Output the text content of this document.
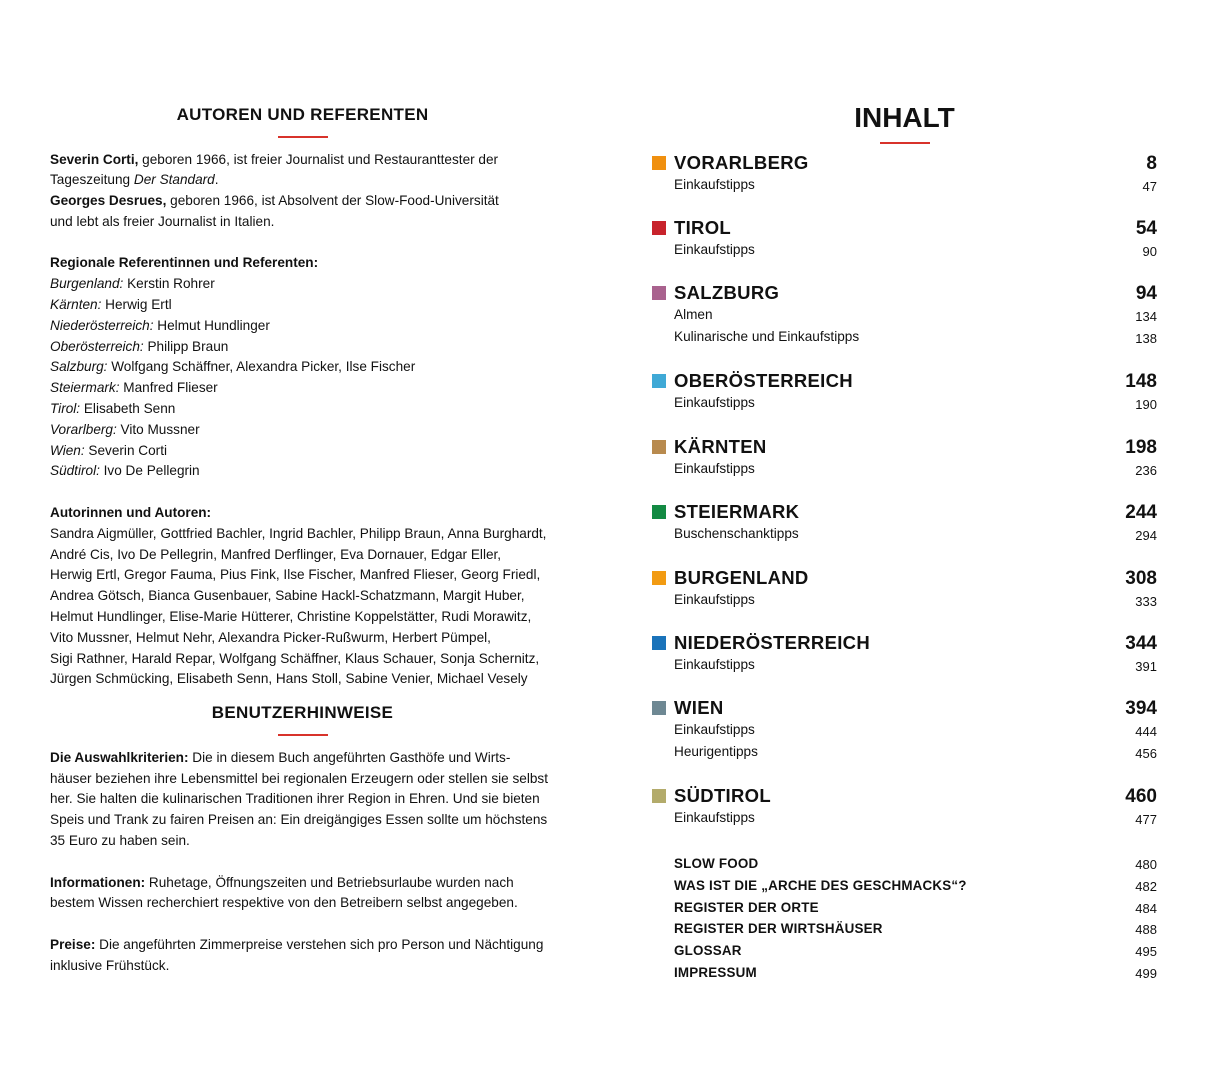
AUTOREN UND REFERENTEN

Severin Corti, geboren 1966, ist freier Journalist und Restauranttester der

Tageszeitung Der Standard.

Georges Desrues, geboren 1966, ist Absolvent der Slow-Food-Universität

und lebt als freier Journalist in Italien.

Regionale Referentinnen und Referenten:

Burgenland: Kerstin Rohrer

Kärnten: Herwig Ertl

Niederösterreich: Helmut Hundlinger

Oberösterreich: Philipp Braun

Salzburg: Wolfgang Schäffner, Alexandra Picker, Ilse Fischer

Steiermark: Manfred Flieser

Tirol: Elisabeth Senn

Vorarlberg: Vito Mussner

Wien: Severin Corti

Südtirol: Ivo De Pellegrin

Autorinnen und Autoren:

Sandra Aigmüller, Gottfried Bachler, Ingrid Bachler, Philipp Braun, Anna Burghardt,

André Cis, Ivo De Pellegrin, Manfred Derflinger, Eva Dornauer, Edgar Eller,

Herwig Ertl, Gregor Fauma, Pius Fink, Ilse Fischer, Manfred Flieser, Georg Friedl,

Andrea Götsch, Bianca Gusenbauer, Sabine Hackl-Schatzmann, Margit Huber,

Helmut Hundlinger, Elise-Marie Hütterer, Christine Koppelstätter, Rudi Morawitz,

Vito Mussner, Helmut Nehr, Alexandra Picker-Rußwurm, Herbert Pümpel,

Sigi Rathner, Harald Repar, Wolfgang Schäffner, Klaus Schauer, Sonja Schernitz,

Jürgen Schmücking, Elisabeth Senn, Hans Stoll, Sabine Venier, Michael Vesely

BENUTZERHINWEISE

Die Auswahlkriterien: Die in diesem Buch angeführten Gasthöfe und Wirts-

häuser beziehen ihre Lebensmittel bei regionalen Erzeugern oder stellen sie selbst

her. Sie halten die kulinarischen Traditionen ihrer Region in Ehren. Und sie bieten

Speis und Trank zu fairen Preisen an: Ein dreigängiges Essen sollte um höchstens

35 Euro zu haben sein.

Informationen: Ruhetage, Öffnungszeiten und Betriebsurlaube wurden nach

bestem Wissen recherchiert respektive von den Betreibern selbst angegeben.

Preise: Die angeführten Zimmerpreise verstehen sich pro Person und Nächtigung

inklusive Frühstück.

INHALT
VORARLBERG	8
Einkaufstipps	47
TIROL	54
Einkaufstipps	90
SALZBURG	94
Almen	134
Kulinarische und Einkaufstipps	138
OBERÖSTERREICH	148
Einkaufstipps	190
KÄRNTEN	198
Einkaufstipps	236
STEIERMARK	244
Buschenschanktipps	294
BURGENLAND	308
Einkaufstipps	333
NIEDERÖSTERREICH	344
Einkaufstipps	391
WIEN	394
Einkaufstipps	444
Heurigentipps	456
SÜDTIROL	460
Einkaufstipps	477
SLOW FOOD	480
WAS IST DIE „ARCHE DES GESCHMACKS“?	482
REGISTER DER ORTE	484
REGISTER DER WIRTSHÄUSER	488
GLOSSAR	495
IMPRESSUM	499
